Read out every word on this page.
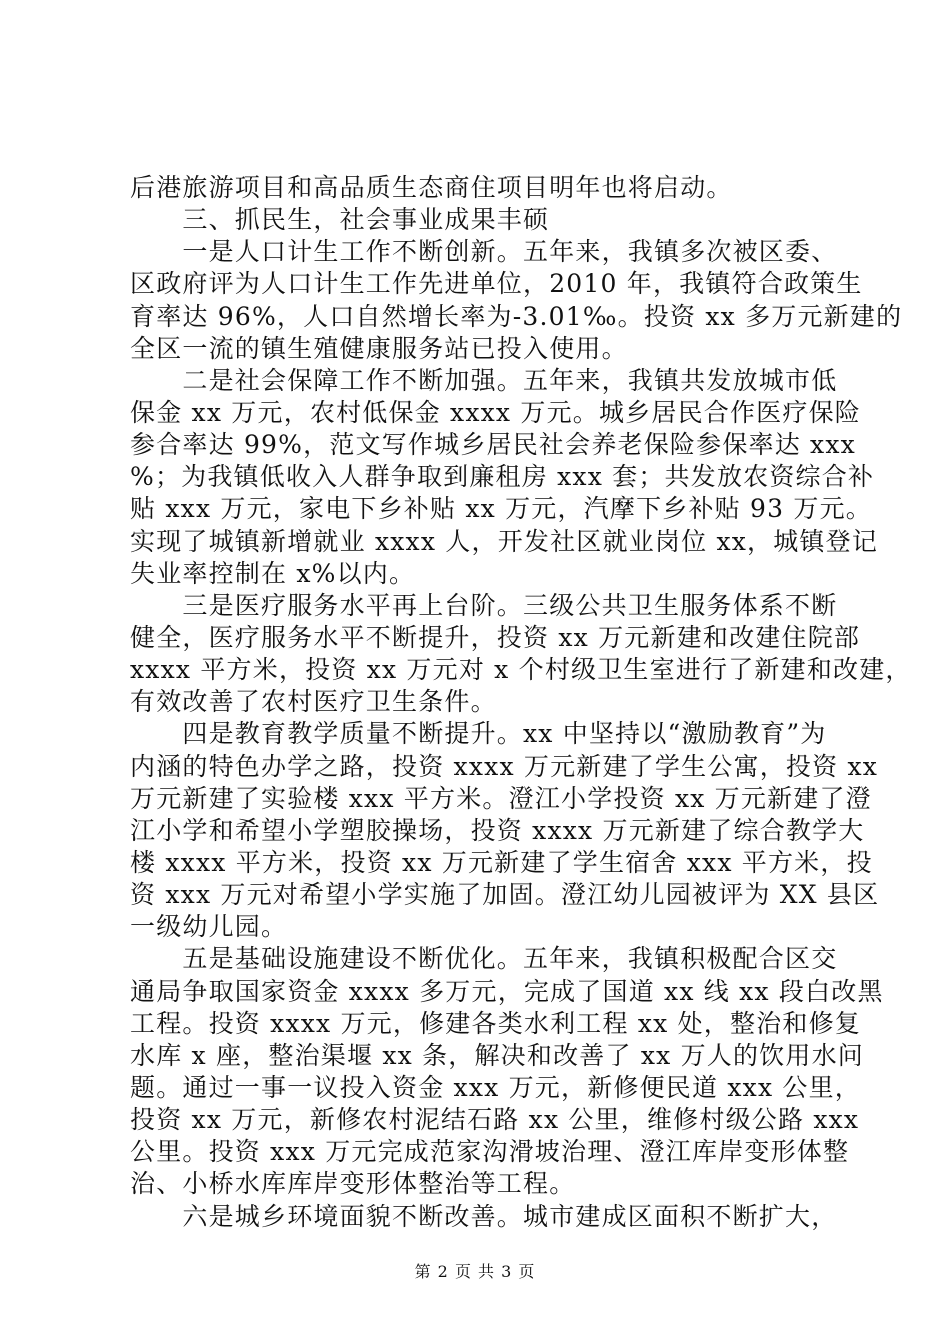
后港旅游项目和高品质生态商住项目明年也将启动。
　　三、抓民生，社会事业成果丰硕
　　一是人口计生工作不断创新。五年来，我镇多次被区委、
区政府评为人口计生工作先进单位，2010 年，我镇符合政策生
育率达 96%，人口自然增长率为-3.01‰。投资 xx 多万元新建的
全区一流的镇生殖健康服务站已投入使用。
　　二是社会保障工作不断加强。五年来，我镇共发放城市低
保金 xx 万元，农村低保金 xxxx 万元。城乡居民合作医疗保险
参合率达 99%，范文写作城乡居民社会养老保险参保率达 xxx
%；为我镇低收入人群争取到廉租房 xxx 套；共发放农资综合补
贴 xxx 万元，家电下乡补贴 xx 万元，汽摩下乡补贴 93 万元。
实现了城镇新增就业 xxxx 人，开发社区就业岗位 xx，城镇登记
失业率控制在 x%以内。
　　三是医疗服务水平再上台阶。三级公共卫生服务体系不断
健全，医疗服务水平不断提升，投资 xx 万元新建和改建住院部
xxxx 平方米，投资 xx 万元对 x 个村级卫生室进行了新建和改建，
有效改善了农村医疗卫生条件。
　　四是教育教学质量不断提升。xx 中坚持以“激励教育”为
内涵的特色办学之路，投资 xxxx 万元新建了学生公寓，投资 xx
万元新建了实验楼 xxx 平方米。澄江小学投资 xx 万元新建了澄
江小学和希望小学塑胶操场，投资 xxxx 万元新建了综合教学大
楼 xxxx 平方米，投资 xx 万元新建了学生宿舍 xxx 平方米，投
资 xxx 万元对希望小学实施了加固。澄江幼儿园被评为 XX 县区
一级幼儿园。
　　五是基础设施建设不断优化。五年来，我镇积极配合区交
通局争取国家资金 xxxx 多万元，完成了国道 xx 线 xx 段白改黑
工程。投资 xxxx 万元，修建各类水利工程 xx 处，整治和修复
水库 x 座，整治渠堰 xx 条，解决和改善了 xx 万人的饮用水问
题。通过一事一议投入资金 xxx 万元，新修便民道 xxx 公里，
投资 xx 万元，新修农村泥结石路 xx 公里，维修村级公路 xxx
公里。投资 xxx 万元完成范家沟滑坡治理、澄江库岸变形体整
治、小桥水库库岸变形体整治等工程。
　　六是城乡环境面貌不断改善。城市建成区面积不断扩大，
第 2 页 共 3 页
